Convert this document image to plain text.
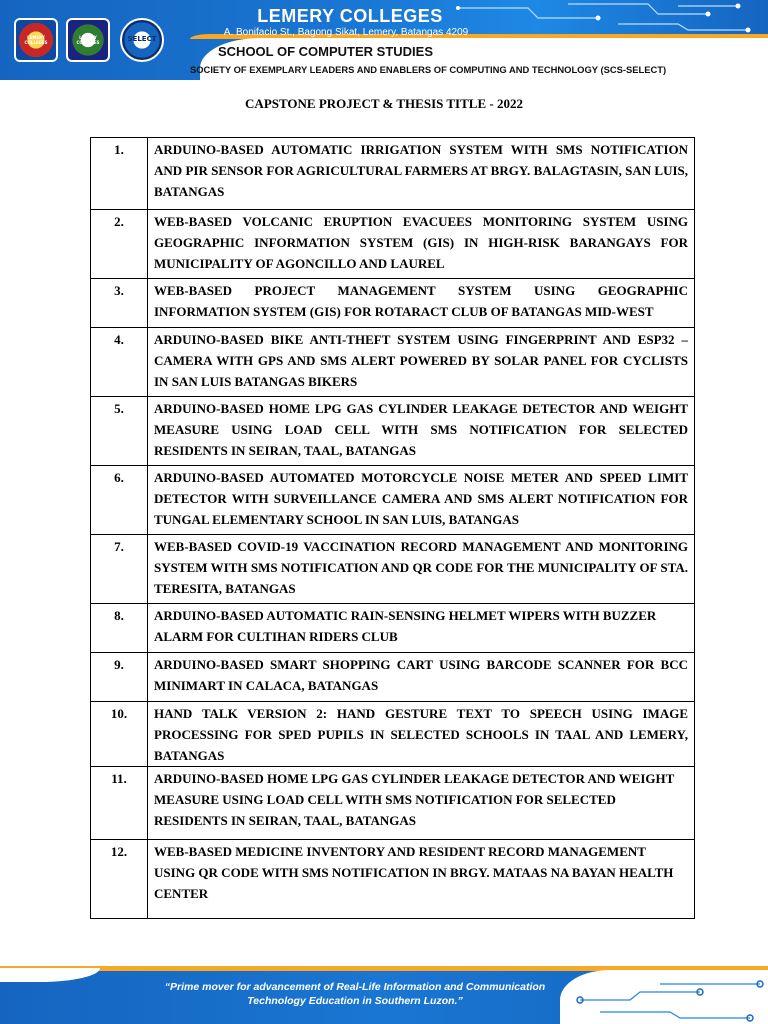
LEMERY COLLEGES
LEMERY COLLEGES	SELECT
LEMERY COLLEGES
A. Bonifacio St., Bagong Sikat, Lemery, Batangas 4209
SCHOOL OF COMPUTER STUDIES
SOCIETY OF EXEMPLARY LEADERS AND ENABLERS OF COMPUTING AND TECHNOLOGY (SCS-SELECT)
CAPSTONE PROJECT & THESIS TITLE - 2022
1.	ARDUINO-BASED AUTOMATIC IRRIGATION SYSTEM WITH SMS NOTIFICATION AND PIR SENSOR FOR AGRICULTURAL FARMERS AT BRGY. BALAGTASIN, SAN LUIS, BATANGAS
2.	WEB-BASED VOLCANIC ERUPTION EVACUEES MONITORING SYSTEM USING GEOGRAPHIC INFORMATION SYSTEM (GIS) IN HIGH-RISK BARANGAYS FOR MUNICIPALITY OF AGONCILLO AND LAUREL
3.	WEB-BASED PROJECT MANAGEMENT SYSTEM USING GEOGRAPHIC INFORMATION SYSTEM (GIS) FOR ROTARACT CLUB OF BATANGAS MID-WEST
4.	ARDUINO-BASED BIKE ANTI-THEFT SYSTEM USING FINGERPRINT AND ESP32 – CAMERA WITH GPS AND SMS ALERT POWERED BY SOLAR PANEL FOR CYCLISTS IN SAN LUIS BATANGAS BIKERS
5.	ARDUINO-BASED HOME LPG GAS CYLINDER LEAKAGE DETECTOR AND WEIGHT MEASURE USING LOAD CELL WITH SMS NOTIFICATION FOR SELECTED RESIDENTS IN SEIRAN, TAAL, BATANGAS
6.	ARDUINO-BASED AUTOMATED MOTORCYCLE NOISE METER AND SPEED LIMIT DETECTOR WITH SURVEILLANCE CAMERA AND SMS ALERT NOTIFICATION FOR TUNGAL ELEMENTARY SCHOOL IN SAN LUIS, BATANGAS
7.	WEB-BASED COVID-19 VACCINATION RECORD MANAGEMENT AND MONITORING SYSTEM WITH SMS NOTIFICATION AND QR CODE FOR THE MUNICIPALITY OF STA. TERESITA, BATANGAS
8.	ARDUINO-BASED AUTOMATIC RAIN-SENSING HELMET WIPERS WITH BUZZER ALARM FOR CULTIHAN RIDERS CLUB
9.	ARDUINO-BASED SMART SHOPPING CART USING BARCODE SCANNER FOR BCC MINIMART IN CALACA, BATANGAS
10.	HAND TALK VERSION 2: HAND GESTURE TEXT TO SPEECH USING IMAGE PROCESSING FOR SPED PUPILS IN SELECTED SCHOOLS IN TAAL AND LEMERY, BATANGAS
11.	ARDUINO-BASED HOME LPG GAS CYLINDER LEAKAGE DETECTOR AND WEIGHT MEASURE USING LOAD CELL WITH SMS NOTIFICATION FOR SELECTED RESIDENTS IN SEIRAN, TAAL, BATANGAS
12.	WEB-BASED MEDICINE INVENTORY AND RESIDENT RECORD MANAGEMENT USING QR CODE WITH SMS NOTIFICATION IN BRGY. MATAAS NA BAYAN HEALTH CENTER
“Prime mover for advancement of Real-Life Information and Communication
Technology Education in Southern Luzon.”
